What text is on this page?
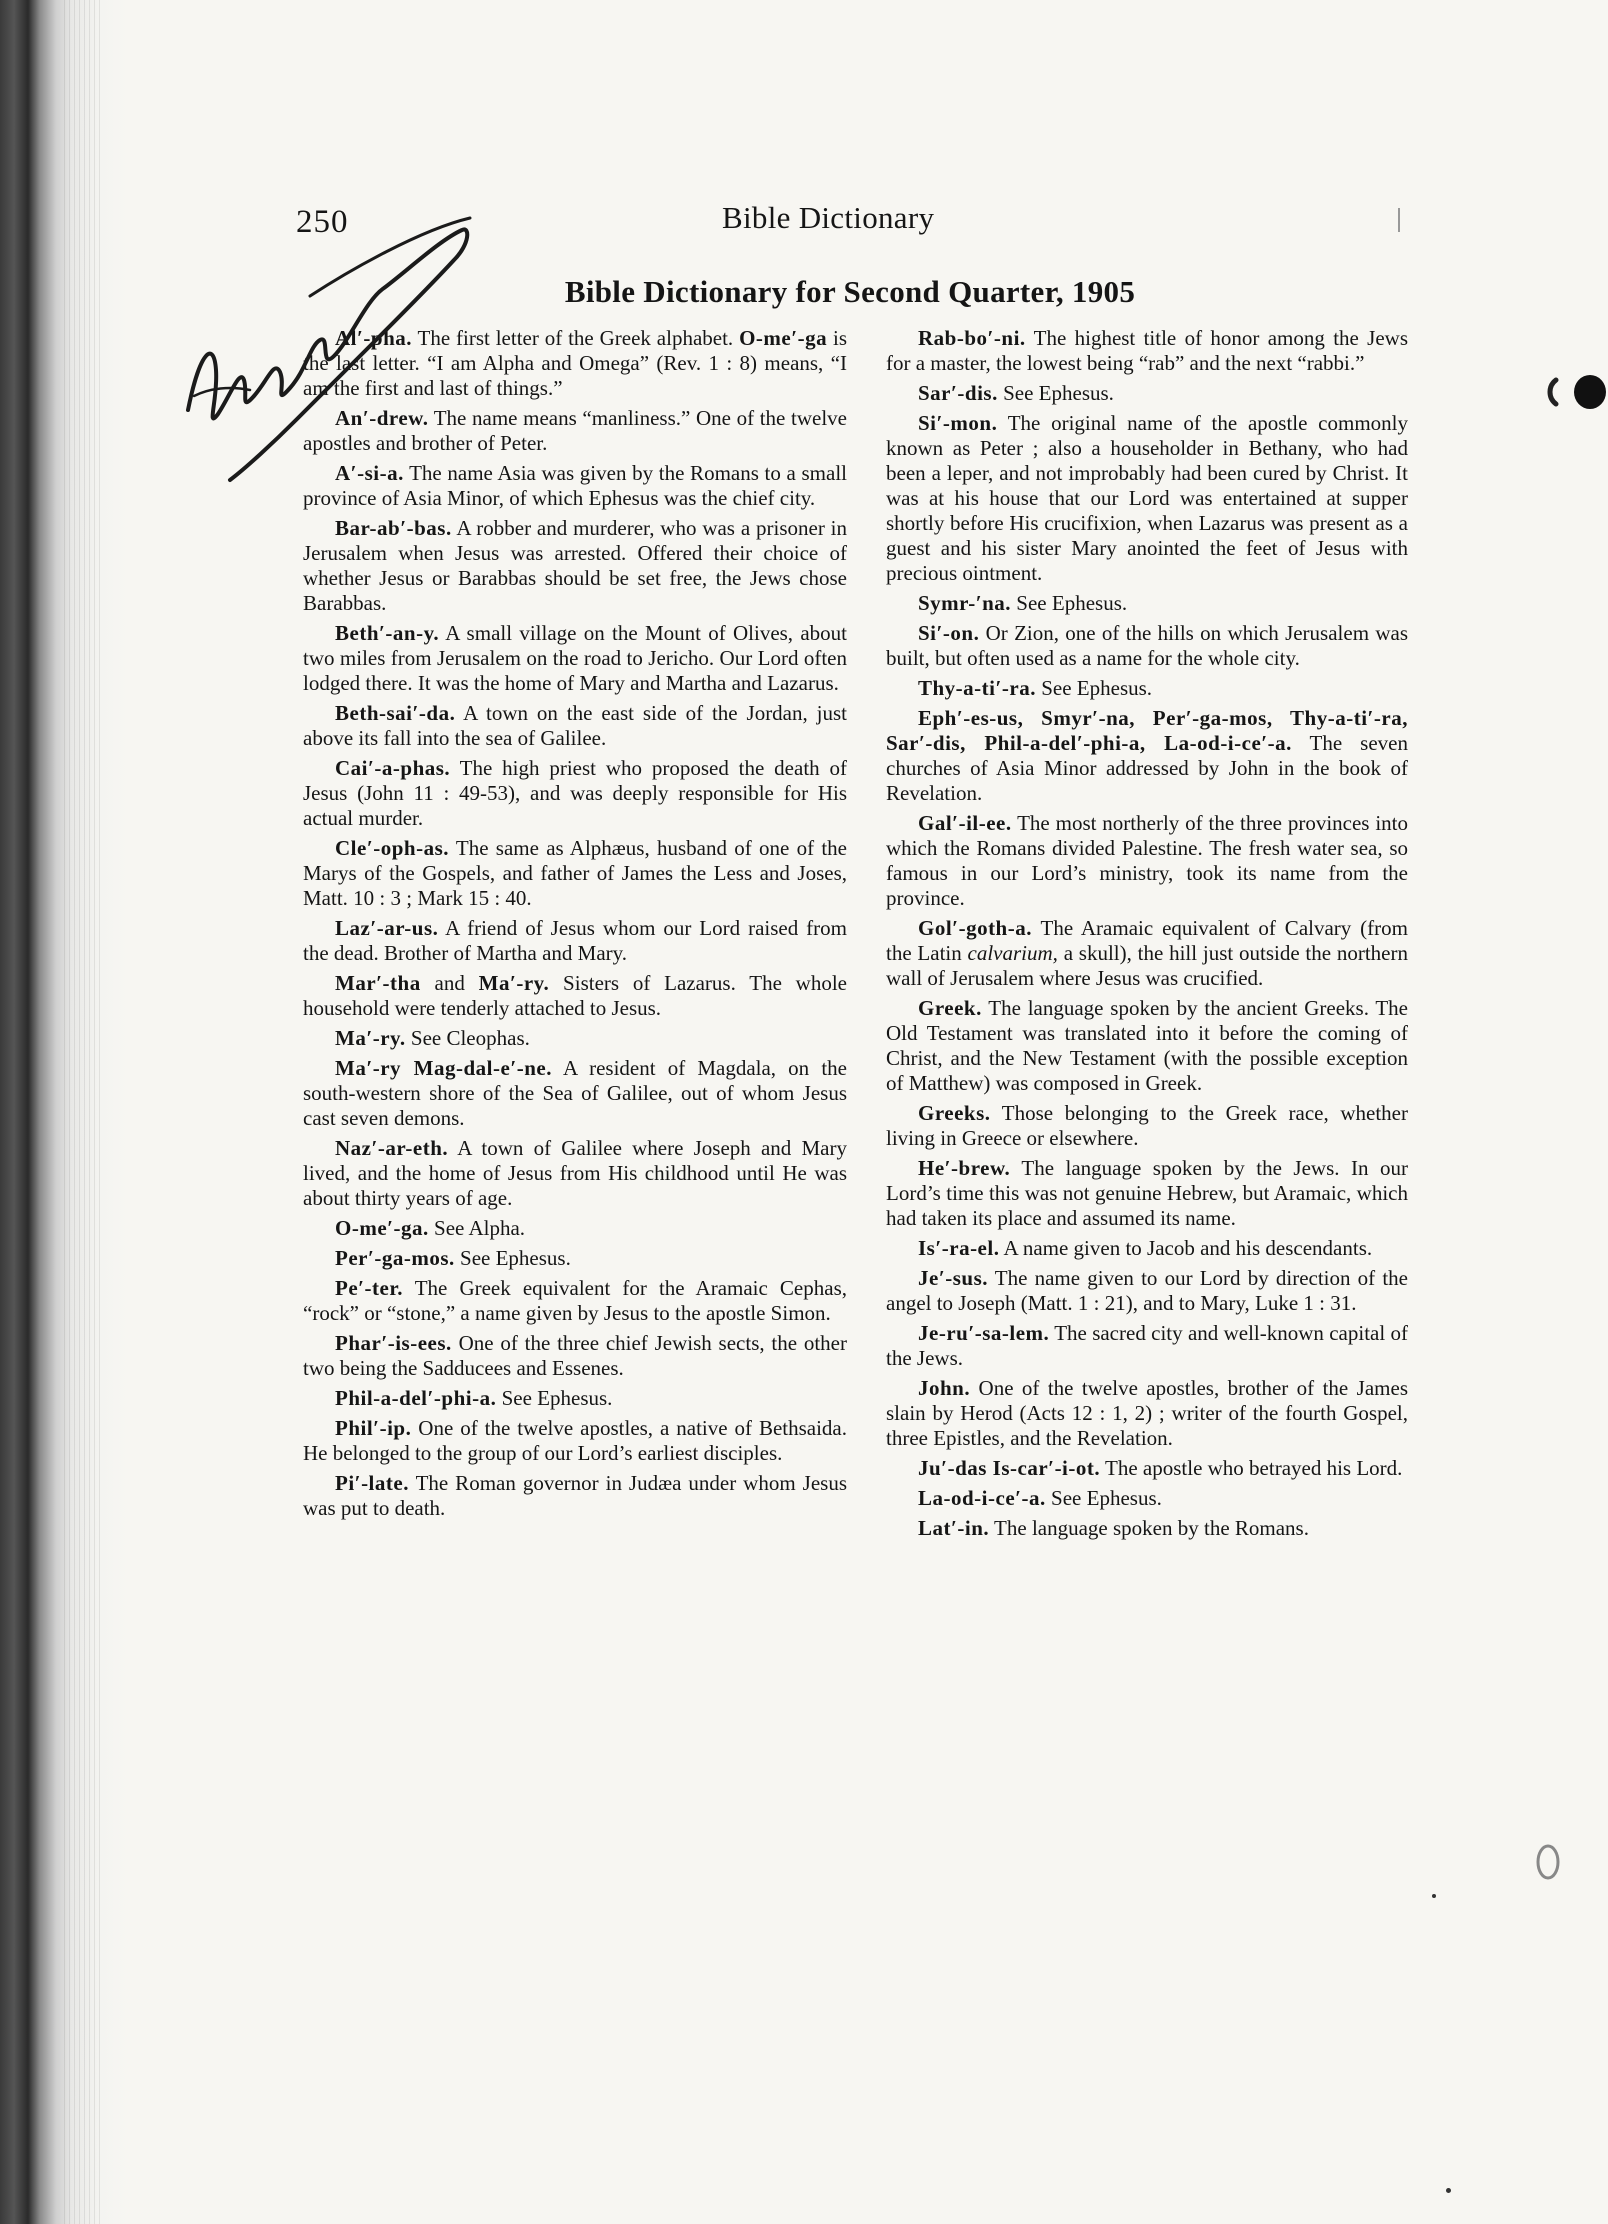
250	Bible Dictionary
Bible Dictionary for Second Quarter, 1905

Al′-pha. The first letter of the Greek alphabet. O-me′-ga is the last letter. “I am Alpha and Omega” (Rev. 1 : 8) means, “I am the first and last of things.”

An′-drew. The name means “manliness.” One of the twelve apostles and brother of Peter.

A′-si-a. The name Asia was given by the Romans to a small province of Asia Minor, of which Ephesus was the chief city.

Bar-ab′-bas. A robber and murderer, who was a prisoner in Jerusalem when Jesus was arrested. Offered their choice of whether Jesus or Barabbas should be set free, the Jews chose Barabbas.

Beth′-an-y. A small village on the Mount of Olives, about two miles from Jerusalem on the road to Jericho. Our Lord often lodged there. It was the home of Mary and Martha and Lazarus.

Beth-sai′-da. A town on the east side of the Jordan, just above its fall into the sea of Galilee.

Cai′-a-phas. The high priest who proposed the death of Jesus (John 11 : 49-53), and was deeply responsible for His actual murder.

Cle′-oph-as. The same as Alphæus, husband of one of the Marys of the Gospels, and father of James the Less and Joses, Matt. 10 : 3 ; Mark 15 : 40.

Laz′-ar-us. A friend of Jesus whom our Lord raised from the dead. Brother of Martha and Mary.

Mar′-tha and Ma′-ry. Sisters of Lazarus. The whole household were tenderly attached to Jesus.

Ma′-ry. See Cleophas.

Ma′-ry Mag-dal-e′-ne. A resident of Magdala, on the south-western shore of the Sea of Galilee, out of whom Jesus cast seven demons.

Naz′-ar-eth. A town of Galilee where Joseph and Mary lived, and the home of Jesus from His childhood until He was about thirty years of age.

O-me′-ga. See Alpha.

Per′-ga-mos. See Ephesus.

Pe′-ter. The Greek equivalent for the Aramaic Cephas, “rock” or “stone,” a name given by Jesus to the apostle Simon.

Phar′-is-ees. One of the three chief Jewish sects, the other two being the Sadducees and Essenes.

Phil-a-del′-phi-a. See Ephesus.

Phil′-ip. One of the twelve apostles, a native of Bethsaida. He belonged to the group of our Lord’s earliest disciples.

Pi′-late. The Roman governor in Judæa under whom Jesus was put to death.

Rab-bo′-ni. The highest title of honor among the Jews for a master, the lowest being “rab” and the next “rabbi.”

Sar′-dis. See Ephesus.

Si′-mon. The original name of the apostle commonly known as Peter ; also a householder in Bethany, who had been a leper, and not improbably had been cured by Christ. It was at his house that our Lord was entertained at supper shortly before His crucifixion, when Lazarus was present as a guest and his sister Mary anointed the feet of Jesus with precious ointment.

Symr-′na. See Ephesus.

Si′-on. Or Zion, one of the hills on which Jerusalem was built, but often used as a name for the whole city.

Thy-a-ti′-ra. See Ephesus.

Eph′-es-us, Smyr′-na, Per′-ga-mos, Thy-a-ti′-ra, Sar′-dis, Phil-a-del′-phi-a, La-od-i-ce′-a. The seven churches of Asia Minor addressed by John in the book of Revelation.

Gal′-il-ee. The most northerly of the three provinces into which the Romans divided Palestine. The fresh water sea, so famous in our Lord’s ministry, took its name from the province.

Gol′-goth-a. The Aramaic equivalent of Calvary (from the Latin calvarium, a skull), the hill just outside the northern wall of Jerusalem where Jesus was crucified.

Greek. The language spoken by the ancient Greeks. The Old Testament was translated into it before the coming of Christ, and the New Testament (with the possible exception of Matthew) was composed in Greek.

Greeks. Those belonging to the Greek race, whether living in Greece or elsewhere.

He′-brew. The language spoken by the Jews. In our Lord’s time this was not genuine Hebrew, but Aramaic, which had taken its place and assumed its name.

Is′-ra-el. A name given to Jacob and his descendants.

Je′-sus. The name given to our Lord by direction of the angel to Joseph (Matt. 1 : 21), and to Mary, Luke 1 : 31.

Je-ru′-sa-lem. The sacred city and well-known capital of the Jews.

John. One of the twelve apostles, brother of the James slain by Herod (Acts 12 : 1, 2) ; writer of the fourth Gospel, three Epistles, and the Revelation.

Ju′-das Is-car′-i-ot. The apostle who betrayed his Lord.

La-od-i-ce′-a. See Ephesus.

Lat′-in. The language spoken by the Romans.
